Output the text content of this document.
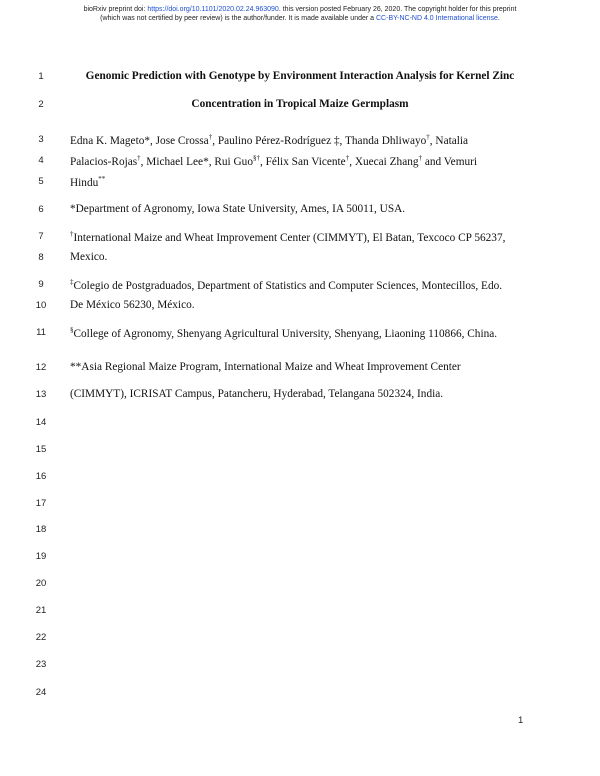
bioRxiv preprint doi: https://doi.org/10.1101/2020.02.24.963090. this version posted February 26, 2020. The copyright holder for this preprint
(which was not certified by peer review) is the author/funder. It is made available under a CC-BY-NC-ND 4.0 International license.
1
2
3
4
5
6
7
8
9
10
11
12
13
14
15
16
17
18
19
20
21
22
23
24
Genomic Prediction with Genotype by Environment Interaction Analysis for Kernel Zinc
Concentration in Tropical Maize Germplasm
Edna K. Mageto*, Jose Crossa†, Paulino Pérez-Rodríguez ‡, Thanda Dhliwayo†, Natalia
Palacios-Rojas†, Michael Lee*, Rui Guo§†, Félix San Vicente†, Xuecai Zhang† and Vemuri
Hindu**
*Department of Agronomy, Iowa State University, Ames, IA 50011, USA.
†International Maize and Wheat Improvement Center (CIMMYT), El Batan, Texcoco CP 56237,
Mexico.
‡Colegio de Postgraduados, Department of Statistics and Computer Sciences, Montecillos, Edo.
De México 56230, México.
§College of Agronomy, Shenyang Agricultural University, Shenyang, Liaoning 110866, China.
**Asia Regional Maize Program, International Maize and Wheat Improvement Center
(CIMMYT), ICRISAT Campus, Patancheru, Hyderabad, Telangana 502324, India.
1
